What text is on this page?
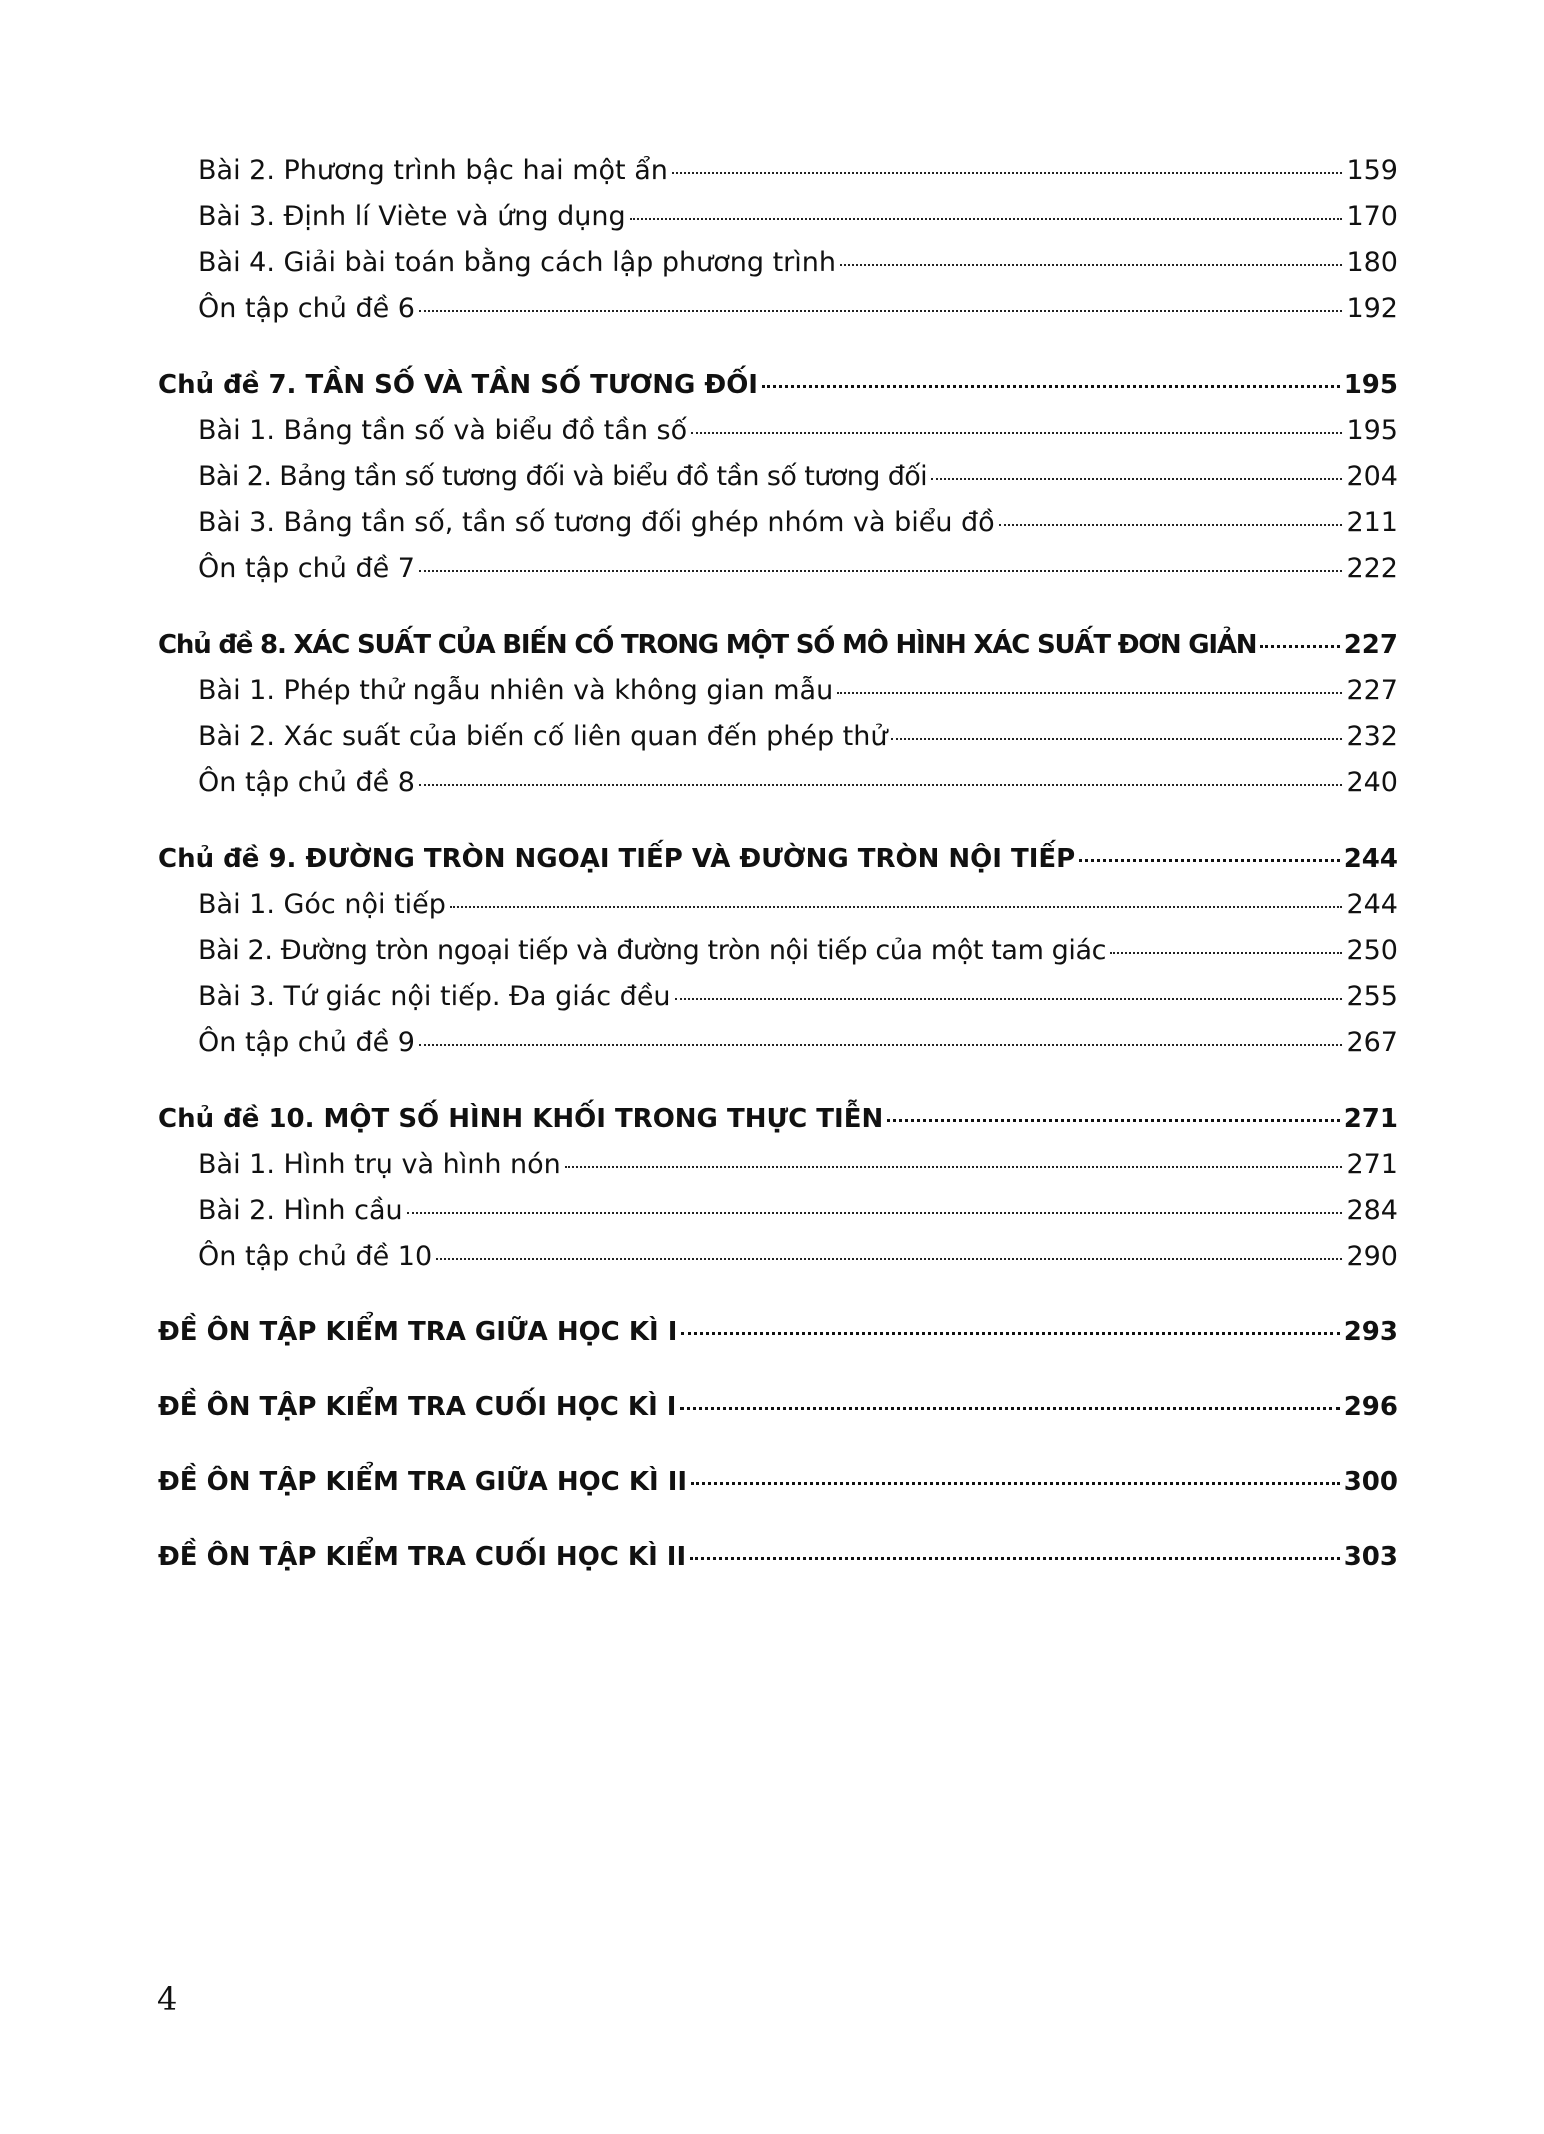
Bài 2. Phương trình bậc hai một ẩn	159
Bài 3. Định lí Viète và ứng dụng	170
Bài 4. Giải bài toán bằng cách lập phương trình	180
Ôn tập chủ đề 6	192
Chủ đề 7. TẦN SỐ VÀ TẦN SỐ TƯƠNG ĐỐI	195
Bài 1. Bảng tần số và biểu đồ tần số	195
Bài 2. Bảng tần số tương đối và biểu đồ tần số tương đối	204
Bài 3. Bảng tần số, tần số tương đối ghép nhóm và biểu đồ	211
Ôn tập chủ đề 7	222
Chủ đề 8. XÁC SUẤT CỦA BIẾN CỐ TRONG MỘT SỐ MÔ HÌNH XÁC SUẤT ĐƠN GIẢN	227
Bài 1. Phép thử ngẫu nhiên và không gian mẫu	227
Bài 2. Xác suất của biến cố liên quan đến phép thử	232
Ôn tập chủ đề 8	240
Chủ đề 9. ĐƯỜNG TRÒN NGOẠI TIẾP VÀ ĐƯỜNG TRÒN NỘI TIẾP	244
Bài 1. Góc nội tiếp	244
Bài 2. Đường tròn ngoại tiếp và đường tròn nội tiếp của một tam giác	250
Bài 3. Tứ giác nội tiếp. Đa giác đều	255
Ôn tập chủ đề 9	267
Chủ đề 10. MỘT SỐ HÌNH KHỐI TRONG THỰC TIỄN	271
Bài 1. Hình trụ và hình nón	271
Bài 2. Hình cầu	284
Ôn tập chủ đề 10	290
ĐỀ ÔN TẬP KIỂM TRA GIỮA HỌC KÌ I	293
ĐỀ ÔN TẬP KIỂM TRA CUỐI HỌC KÌ I	296
ĐỀ ÔN TẬP KIỂM TRA GIỮA HỌC KÌ II	300
ĐỀ ÔN TẬP KIỂM TRA CUỐI HỌC KÌ II	303
4
